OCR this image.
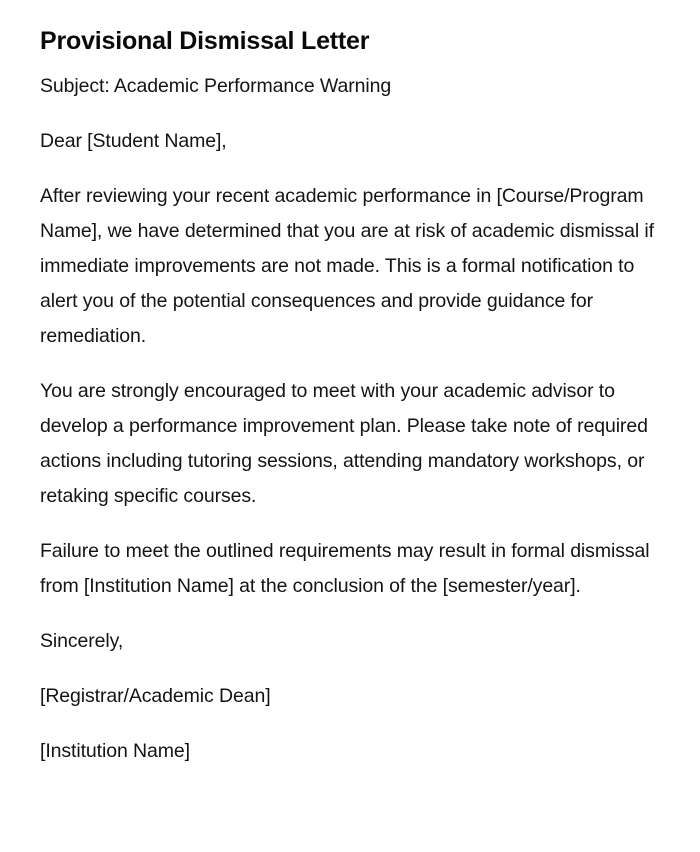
Provisional Dismissal Letter

Subject: Academic Performance Warning

Dear [Student Name],

After reviewing your recent academic performance in [Course/Program Name], we have determined that you are at risk of academic dismissal if immediate improvements are not made. This is a formal notification to alert you of the potential consequences and provide guidance for remediation.

You are strongly encouraged to meet with your academic advisor to develop a performance improvement plan. Please take note of required actions including tutoring sessions, attending mandatory workshops, or retaking specific courses.

Failure to meet the outlined requirements may result in formal dismissal from [Institution Name] at the conclusion of the [semester/year].

Sincerely,

[Registrar/Academic Dean]

[Institution Name]
